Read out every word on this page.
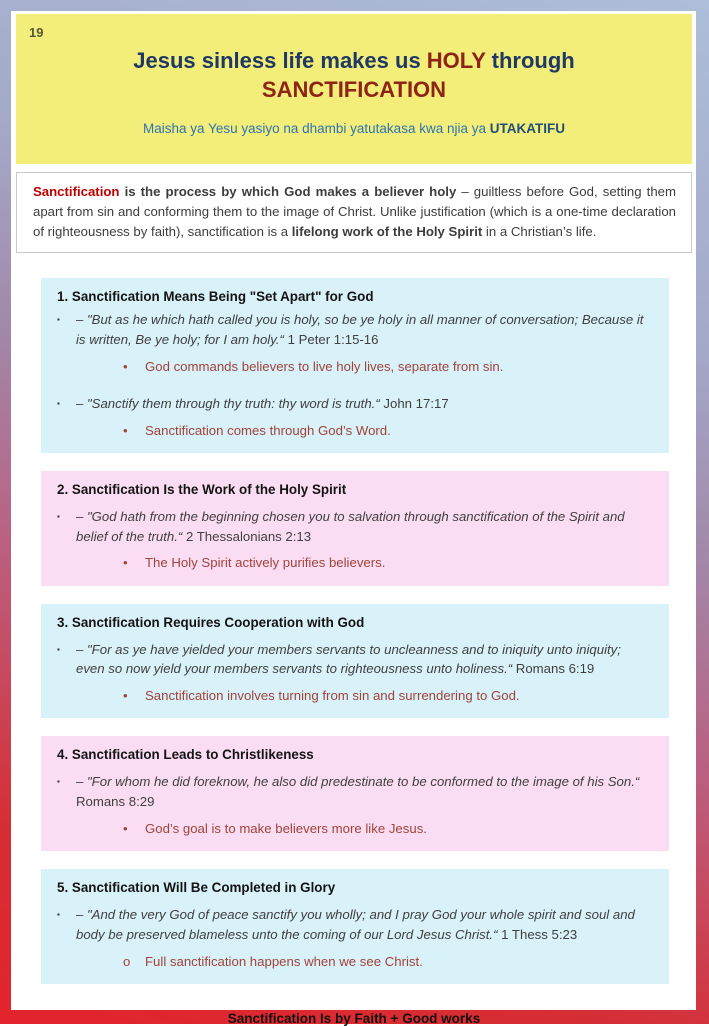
19
Jesus sinless life makes us HOLY through
SANCTIFICATION
Maisha ya Yesu yasiyo na dhambi yatutakasa kwa njia ya UTAKATIFU
Sanctification is the process by which God makes a believer holy – guiltless before God, setting them apart from sin and conforming them to the image of Christ. Unlike justification (which is a one-time declaration of righteousness by faith), sanctification is a lifelong work of the Holy Spirit in a Christian’s life.
1. Sanctification Means Being "Set Apart" for God
▪	– "But as he which hath called you is holy, so be ye holy in all manner of conversation; Because it is written, Be ye holy; for I am holy.“ 1 Peter 1:15-16
•	God commands believers to live holy lives, separate from sin.
▪	– "Sanctify them through thy truth: thy word is truth.“ John 17:17
•	Sanctification comes through God’s Word.
2. Sanctification Is the Work of the Holy Spirit
▪	– "God hath from the beginning chosen you to salvation through sanctification of the Spirit and belief of the truth.“ 2 Thessalonians 2:13
•	The Holy Spirit actively purifies believers.
3. Sanctification Requires Cooperation with God
▪	– "For as ye have yielded your members servants to uncleanness and to iniquity unto iniquity; even so now yield your members servants to righteousness unto holiness.“ Romans 6:19
•	Sanctification involves turning from sin and surrendering to God.
4. Sanctification Leads to Christlikeness
▪	– "For whom he did foreknow, he also did predestinate to be conformed to the image of his Son.“ Romans 8:29
•	God’s goal is to make believers more like Jesus.
5. Sanctification Will Be Completed in Glory
▪	– "And the very God of peace sanctify you wholly; and I pray God your whole spirit and soul and body be preserved blameless unto the coming of our Lord Jesus Christ.“ 1 Thess 5:23
o	Full sanctification happens when we see Christ.
Sanctification Is by Faith + Good works
